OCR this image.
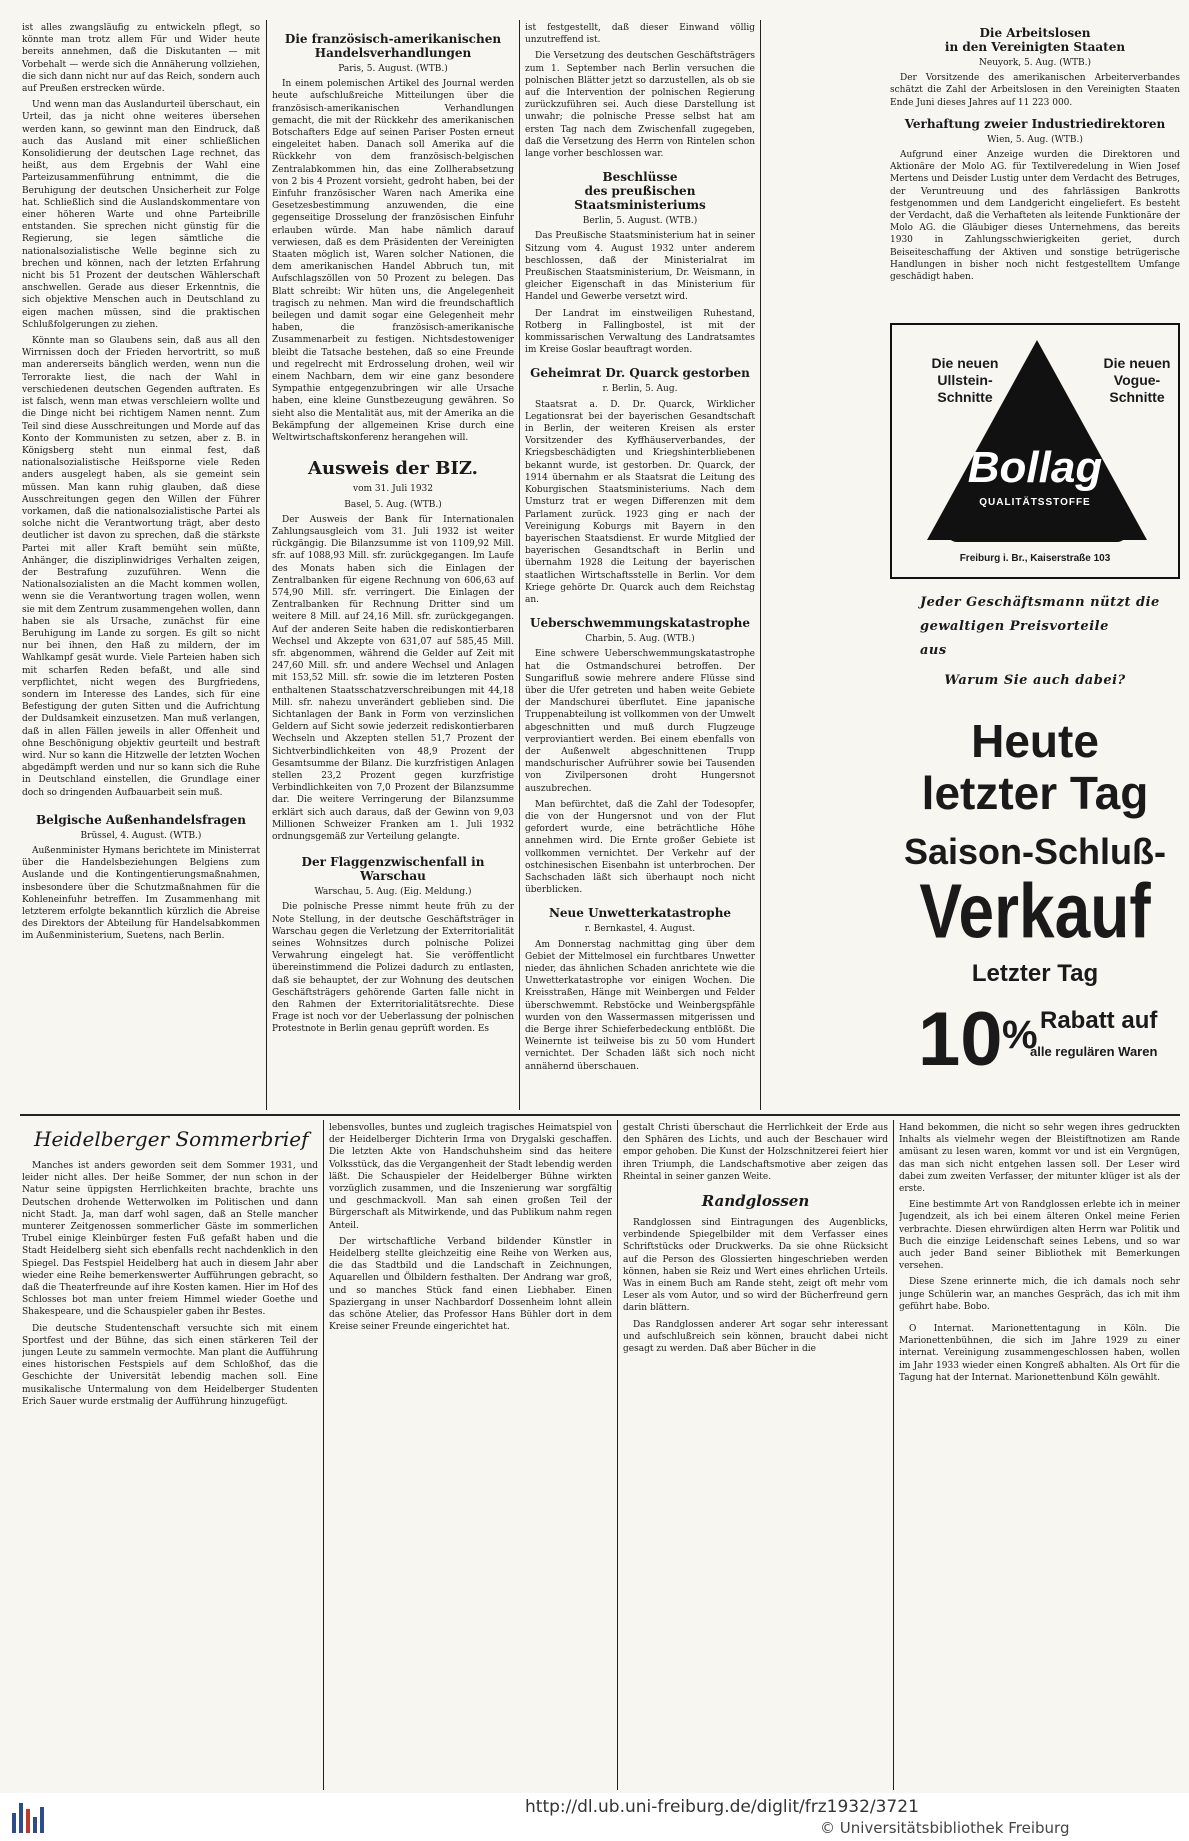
ist alles zwangsläufig zu entwickeln pflegt, so könnte man trotz allem Für und Wider heute bereits annehmen, daß die Diskutanten — mit Vorbehalt — werde sich die Annäherung vollziehen, die sich dann nicht nur auf das Reich, sondern auch auf Preußen erstrecken würde.

Und wenn man das Auslandurteil überschaut, ein Urteil, das ja nicht ohne weiteres übersehen werden kann, so gewinnt man den Eindruck, daß auch das Ausland mit einer schließlichen Konsolidierung der deutschen Lage rechnet, das heißt, aus dem Ergebnis der Wahl eine Parteizusammenführung entnimmt, die die Beruhigung der deutschen Unsicherheit zur Folge hat. Schließlich sind die Auslandskommentare von einer höheren Warte und ohne Parteibrille entstanden. Sie sprechen nicht günstig für die Regierung, sie legen sämtliche die nationalsozialistische Welle beginne sich zu brechen und können, nach der letzten Erfahrung nicht bis 51 Prozent der deutschen Wählerschaft anschwellen. Gerade aus dieser Erkenntnis, die sich objektive Menschen auch in Deutschland zu eigen machen müssen, sind die praktischen Schlußfolgerungen zu ziehen.

Könnte man so Glaubens sein, daß aus all den Wirrnissen doch der Frieden hervortritt, so muß man andererseits bänglich werden, wenn nun die Terrorakte liest, die nach der Wahl in verschiedenen deutschen Gegenden auftraten. Es ist falsch, wenn man etwas verschleiern wollte und die Dinge nicht bei richtigem Namen nennt. Zum Teil sind diese Ausschreitungen und Morde auf das Konto der Kommunisten zu setzen, aber z. B. in Königsberg steht nun einmal fest, daß nationalsozialistische Heißsporne viele Reden anders ausgelegt haben, als sie gemeint sein müssen. Man kann ruhig glauben, daß diese Ausschreitungen gegen den Willen der Führer vorkamen, daß die nationalsozialistische Partei als solche nicht die Verantwortung trägt, aber desto deutlicher ist davon zu sprechen, daß die stärkste Partei mit aller Kraft bemüht sein müßte, Anhänger, die disziplinwidriges Verhalten zeigen, der Bestrafung zuzuführen. Wenn die Nationalsozialisten an die Macht kommen wollen, wenn sie die Verantwortung tragen wollen, wenn sie mit dem Zentrum zusammengehen wollen, dann haben sie als Ursache, zunächst für eine Beruhigung im Lande zu sorgen. Es gilt so nicht nur bei ihnen, den Haß zu mildern, der im Wahlkampf gesät wurde. Viele Parteien haben sich mit scharfen Reden befaßt, und alle sind verpflichtet, nicht wegen des Burgfriedens, sondern im Interesse des Landes, sich für eine Befestigung der guten Sitten und die Aufrichtung der Duldsamkeit einzusetzen. Man muß verlangen, daß in allen Fällen jeweils in aller Offenheit und ohne Beschönigung objektiv geurteilt und bestraft wird. Nur so kann die Hitzwelle der letzten Wochen abgedämpft werden und nur so kann sich die Ruhe in Deutschland einstellen, die Grundlage einer doch so dringenden Aufbauarbeit sein muß.

Belgische Außenhandelsfragen
Brüssel, 4. August. (WTB.)

Außenminister Hymans berichtete im Ministerrat über die Handelsbeziehungen Belgiens zum Auslande und die Kontingentierungsmaßnahmen, insbesondere über die Schutzmaßnahmen für die Kohleneinfuhr betreffen. Im Zusammenhang mit letzterem erfolgte bekanntlich kürzlich die Abreise des Direktors der Abteilung für Handelsabkommen im Außenministerium, Suetens, nach Berlin.

Die französisch-amerikanischen
Handelsverhandlungen
Paris, 5. August. (WTB.)

In einem polemischen Artikel des Journal werden heute aufschlußreiche Mitteilungen über die französisch-amerikanischen Verhandlungen gemacht, die mit der Rückkehr des amerikanischen Botschafters Edge auf seinen Pariser Posten erneut eingeleitet haben. Danach soll Amerika auf die Rückkehr von dem französisch-belgischen Zentralabkommen hin, das eine Zollherabsetzung von 2 bis 4 Prozent vorsieht, gedroht haben, bei der Einfuhr französischer Waren nach Amerika eine Gesetzesbestimmung anzuwenden, die eine gegenseitige Drosselung der französischen Einfuhr erlauben würde. Man habe nämlich darauf verwiesen, daß es dem Präsidenten der Vereinigten Staaten möglich ist, Waren solcher Nationen, die dem amerikanischen Handel Abbruch tun, mit Aufschlagszöllen von 50 Prozent zu belegen. Das Blatt schreibt: Wir hüten uns, die Angelegenheit tragisch zu nehmen. Man wird die freundschaftlich beilegen und damit sogar eine Gelegenheit mehr haben, die französisch-amerikanische Zusammenarbeit zu festigen. Nichtsdestoweniger bleibt die Tatsache bestehen, daß so eine Freunde und regelrecht mit Erdrosselung drohen, weil wir einem Nachbarn, dem wir eine ganz besondere Sympathie entgegenzubringen wir alle Ursache haben, eine kleine Gunstbezeugung gewähren. So sieht also die Mentalität aus, mit der Amerika an die Bekämpfung der allgemeinen Krise durch eine Weltwirtschaftskonferenz herangehen will.

Ausweis der BIZ.
vom 31. Juli 1932
Basel, 5. Aug. (WTB.)

Der Ausweis der Bank für Internationalen Zahlungsausgleich vom 31. Juli 1932 ist weiter rückgängig. Die Bilanzsumme ist von 1109,92 Mill. sfr. auf 1088,93 Mill. sfr. zurückgegangen. Im Laufe des Monats haben sich die Einlagen der Zentralbanken für eigene Rechnung von 606,63 auf 574,90 Mill. sfr. verringert. Die Einlagen der Zentralbanken für Rechnung Dritter sind um weitere 8 Mill. auf 24,16 Mill. sfr. zurückgegangen. Auf der anderen Seite haben die rediskontierbaren Wechsel und Akzepte von 631,07 auf 585,45 Mill. sfr. abgenommen, während die Gelder auf Zeit mit 247,60 Mill. sfr. und andere Wechsel und Anlagen mit 153,52 Mill. sfr. sowie die im letzteren Posten enthaltenen Staatsschatzverschreibungen mit 44,18 Mill. sfr. nahezu unverändert geblieben sind. Die Sichtanlagen der Bank in Form von verzinslichen Geldern auf Sicht sowie jederzeit rediskontierbaren Wechseln und Akzepten stellen 51,7 Prozent der Sichtverbindlichkeiten von 48,9 Prozent der Gesamtsumme der Bilanz. Die kurzfristigen Anlagen stellen 23,2 Prozent gegen kurzfristige Verbindlichkeiten von 7,0 Prozent der Bilanzsumme dar. Die weitere Verringerung der Bilanzsumme erklärt sich auch daraus, daß der Gewinn von 9,03 Millionen Schweizer Franken am 1. Juli 1932 ordnungsgemäß zur Verteilung gelangte.

Der Flaggenzwischenfall in Warschau
Warschau, 5. Aug. (Eig. Meldung.)

Die polnische Presse nimmt heute früh zu der Note Stellung, in der deutsche Geschäftsträger in Warschau gegen die Verletzung der Exterritorialität seines Wohnsitzes durch polnische Polizei Verwahrung eingelegt hat. Sie veröffentlicht übereinstimmend die Polizei dadurch zu entlasten, daß sie behauptet, der zur Wohnung des deutschen Geschäftsträgers gehörende Garten falle nicht in den Rahmen der Exterritorialitätsrechte. Diese Frage ist noch vor der Ueberlassung der polnischen Protestnote in Berlin genau geprüft worden. Es

ist festgestellt, daß dieser Einwand völlig unzutreffend ist.

Die Versetzung des deutschen Geschäftsträgers zum 1. September nach Berlin versuchen die polnischen Blätter jetzt so darzustellen, als ob sie auf die Intervention der polnischen Regierung zurückzuführen sei. Auch diese Darstellung ist unwahr; die polnische Presse selbst hat am ersten Tag nach dem Zwischenfall zugegeben, daß die Versetzung des Herrn von Rintelen schon lange vorher beschlossen war.

Beschlüsse
des preußischen Staatsministeriums
Berlin, 5. August. (WTB.)

Das Preußische Staatsministerium hat in seiner Sitzung vom 4. August 1932 unter anderem beschlossen, daß der Ministerialrat im Preußischen Staatsministerium, Dr. Weismann, in gleicher Eigenschaft in das Ministerium für Handel und Gewerbe versetzt wird.

Der Landrat im einstweiligen Ruhestand, Rotberg in Fallingbostel, ist mit der kommissarischen Verwaltung des Landratsamtes im Kreise Goslar beauftragt worden.

Geheimrat Dr. Quarck gestorben
r. Berlin, 5. Aug.

Staatsrat a. D. Dr. Quarck, Wirklicher Legationsrat bei der bayerischen Gesandtschaft in Berlin, der weiteren Kreisen als erster Vorsitzender des Kyffhäuserverbandes, der Kriegsbeschädigten und Kriegshinterbliebenen bekannt wurde, ist gestorben. Dr. Quarck, der 1914 übernahm er als Staatsrat die Leitung des Koburgischen Staatsministeriums. Nach dem Umsturz trat er wegen Differenzen mit dem Parlament zurück. 1923 ging er nach der Vereinigung Koburgs mit Bayern in den bayerischen Staatsdienst. Er wurde Mitglied der bayerischen Gesandtschaft in Berlin und übernahm 1928 die Leitung der bayerischen staatlichen Wirtschaftsstelle in Berlin. Vor dem Kriege gehörte Dr. Quarck auch dem Reichstag an.

Ueberschwemmungskatastrophe
Charbin, 5. Aug. (WTB.)

Eine schwere Ueberschwemmungskatastrophe hat die Ostmandschurei betroffen. Der Sungarifluß sowie mehrere andere Flüsse sind über die Ufer getreten und haben weite Gebiete der Mandschurei überflutet. Eine japanische Truppenabteilung ist vollkommen von der Umwelt abgeschnitten und muß durch Flugzeuge verproviantiert werden. Bei einem ebenfalls von der Außenwelt abgeschnittenen Trupp mandschurischer Aufrührer sowie bei Tausenden von Zivilpersonen droht Hungersnot auszubrechen.

Man befürchtet, daß die Zahl der Todesopfer, die von der Hungersnot und von der Flut gefordert wurde, eine beträchtliche Höhe annehmen wird. Die Ernte großer Gebiete ist vollkommen vernichtet. Der Verkehr auf der ostchinesischen Eisenbahn ist unterbrochen. Der Sachschaden läßt sich überhaupt noch nicht überblicken.

Neue Unwetterkatastrophe
r. Bernkastel, 4. August.

Am Donnerstag nachmittag ging über dem Gebiet der Mittelmosel ein furchtbares Unwetter nieder, das ähnlichen Schaden anrichtete wie die Unwetterkatastrophe vor einigen Wochen. Die Kreisstraßen, Hänge mit Weinbergen und Felder überschwemmt. Rebstöcke und Weinbergspfähle wurden von den Wassermassen mitgerissen und die Berge ihrer Schieferbedeckung entblößt. Die Weinernte ist teilweise bis zu 50 vom Hundert vernichtet. Der Schaden läßt sich noch nicht annähernd überschauen.

Die Arbeitslosen
in den Vereinigten Staaten
Neuyork, 5. Aug. (WTB.)

Der Vorsitzende des amerikanischen Arbeiterverbandes schätzt die Zahl der Arbeitslosen in den Vereinigten Staaten Ende Juni dieses Jahres auf 11 223 000.

Verhaftung zweier Industriedirektoren
Wien, 5. Aug. (WTB.)

Aufgrund einer Anzeige wurden die Direktoren und Aktionäre der Molo AG. für Textilveredelung in Wien Josef Mertens und Deisder Lustig unter dem Verdacht des Betruges, der Veruntreuung und des fahrlässigen Bankrotts festgenommen und dem Landgericht eingeliefert. Es besteht der Verdacht, daß die Verhafteten als leitende Funktionäre der Molo AG. die Gläubiger dieses Unternehmens, das bereits 1930 in Zahlungsschwierigkeiten geriet, durch Beiseiteschaffung der Aktiven und sonstige betrügerische Handlungen in bisher noch nicht festgestelltem Umfange geschädigt haben.

Die neuen Ullstein-Schnitte
Die neuen Vogue-Schnitte
Bollag
QUALITÄTSSTOFFE
Freiburg i. Br., Kaiserstraße 103
Jeder Geschäftsmann nützt die
gewaltigen Preisvorteile
aus
Warum Sie auch dabei?
Heute
letzter Tag
Saison-Schluß-
Verkauf
Letzter Tag
10 % Rabatt auf
alle regulären Waren
Heidelberger Sommerbrief

Manches ist anders geworden seit dem Sommer 1931, und leider nicht alles. Der heiße Sommer, der nun schon in der Natur seine üppigsten Herrlichkeiten brachte, brachte uns Deutschen drohende Wetterwolken im Politischen und dann nicht Stadt. Ja, man darf wohl sagen, daß an Stelle mancher munterer Zeitgenossen sommerlicher Gäste im sommerlichen Trubel einige Kleinbürger festen Fuß gefaßt haben und die Stadt Heidelberg sieht sich ebenfalls recht nachdenklich in den Spiegel. Das Festspiel Heidelberg hat auch in diesem Jahr aber wieder eine Reihe bemerkenswerter Aufführungen gebracht, so daß die Theaterfreunde auf ihre Kosten kamen. Hier im Hof des Schlosses bot man unter freiem Himmel wieder Goethe und Shakespeare, und die Schauspieler gaben ihr Bestes.

Die deutsche Studentenschaft versuchte sich mit einem Sportfest und der Bühne, das sich einen stärkeren Teil der jungen Leute zu sammeln vermochte. Man plant die Aufführung eines historischen Festspiels auf dem Schloßhof, das die Geschichte der Universität lebendig machen soll. Eine musikalische Untermalung von dem Heidelberger Studenten Erich Sauer wurde erstmalig der Aufführung hinzugefügt.

lebensvolles, buntes und zugleich tragisches Heimatspiel von der Heidelberger Dichterin Irma von Drygalski geschaffen. Die letzten Akte von Handschuhsheim sind das heitere Volksstück, das die Vergangenheit der Stadt lebendig werden läßt. Die Schauspieler der Heidelberger Bühne wirkten vorzüglich zusammen, und die Inszenierung war sorgfältig und geschmackvoll. Man sah einen großen Teil der Bürgerschaft als Mitwirkende, und das Publikum nahm regen Anteil.

Der wirtschaftliche Verband bildender Künstler in Heidelberg stellte gleichzeitig eine Reihe von Werken aus, die das Stadtbild und die Landschaft in Zeichnungen, Aquarellen und Ölbildern festhalten. Der Andrang war groß, und so manches Stück fand einen Liebhaber. Einen Spaziergang in unser Nachbardorf Dossenheim lohnt allein das schöne Atelier, das Professor Hans Bühler dort in dem Kreise seiner Freunde eingerichtet hat.

gestalt Christi überschaut die Herrlichkeit der Erde aus den Sphären des Lichts, und auch der Beschauer wird empor gehoben. Die Kunst der Holzschnitzerei feiert hier ihren Triumph, die Landschaftsmotive aber zeigen das Rheintal in seiner ganzen Weite.

Randglossen

Randglossen sind Eintragungen des Augenblicks, verbindende Spiegelbilder mit dem Verfasser eines Schriftstücks oder Druckwerks. Da sie ohne Rücksicht auf die Person des Glossierten hingeschrieben werden können, haben sie Reiz und Wert eines ehrlichen Urteils. Was in einem Buch am Rande steht, zeigt oft mehr vom Leser als vom Autor, und so wird der Bücherfreund gern darin blättern.

Das Randglossen anderer Art sogar sehr interessant und aufschlußreich sein können, braucht dabei nicht gesagt zu werden. Daß aber Bücher in die

Hand bekommen, die nicht so sehr wegen ihres gedruckten Inhalts als vielmehr wegen der Bleistiftnotizen am Rande amüsant zu lesen waren, kommt vor und ist ein Vergnügen, das man sich nicht entgehen lassen soll. Der Leser wird dabei zum zweiten Verfasser, der mitunter klüger ist als der erste.

Eine bestimmte Art von Randglossen erlebte ich in meiner Jugendzeit, als ich bei einem älteren Onkel meine Ferien verbrachte. Diesen ehrwürdigen alten Herrn war Politik und Buch die einzige Leidenschaft seines Lebens, und so war auch jeder Band seiner Bibliothek mit Bemerkungen versehen.

Diese Szene erinnerte mich, die ich damals noch sehr junge Schülerin war, an manches Gespräch, das ich mit ihm geführt habe. Bobo.

O Internat. Marionettentagung in Köln. Die Marionettenbühnen, die sich im Jahre 1929 zu einer internat. Vereinigung zusammengeschlossen haben, wollen im Jahr 1933 wieder einen Kongreß abhalten. Als Ort für die Tagung hat der Internat. Marionettenbund Köln gewählt.

http://dl.ub.uni-freiburg.de/diglit/frz1932/3721
© Universitätsbibliothek Freiburg
